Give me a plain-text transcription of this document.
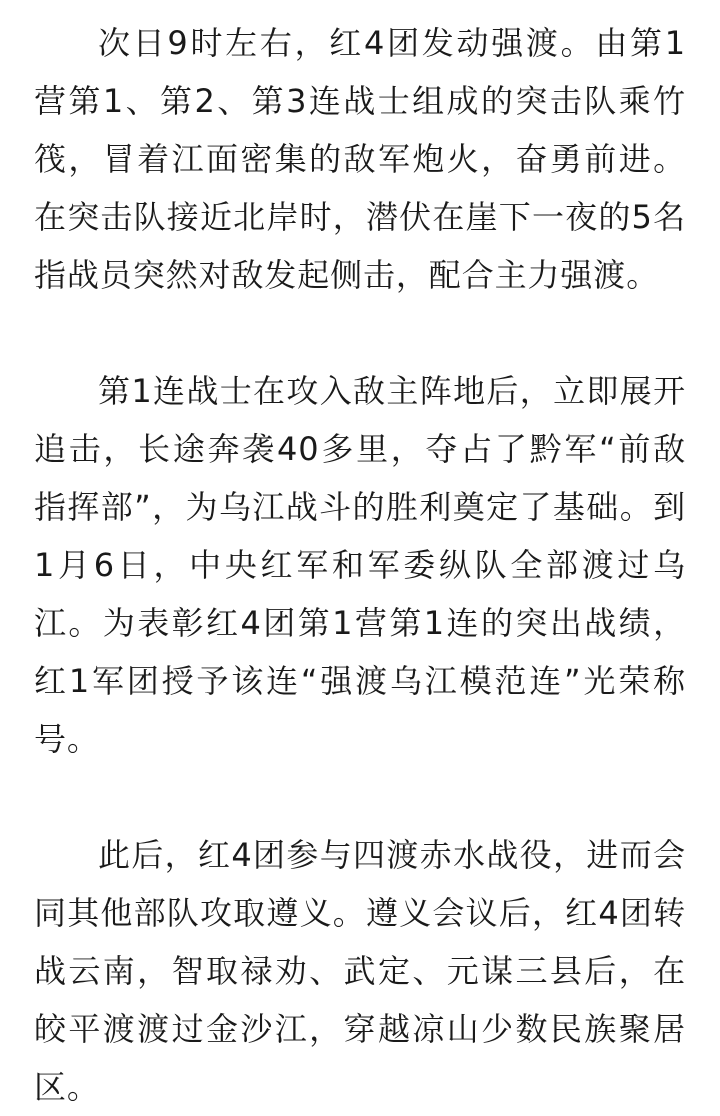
次日9时左右，红4团发动强渡。由第1营第1、第2、第3连战士组成的突击队乘竹筏，冒着江面密集的敌军炮火，奋勇前进。在突击队接近北岸时，潜伏在崖下一夜的5名指战员突然对敌发起侧击，配合主力强渡。

第1连战士在攻入敌主阵地后，立即展开追击，长途奔袭40多里，夺占了黔军“前敌指挥部”，为乌江战斗的胜利奠定了基础。到1月6日，中央红军和军委纵队全部渡过乌江。为表彰红4团第1营第1连的突出战绩，红1军团授予该连“强渡乌江模范连”光荣称号。

此后，红4团参与四渡赤水战役，进而会同其他部队攻取遵义。遵义会议后，红4团转战云南，智取禄劝、武定、元谋三县后，在皎平渡渡过金沙江，穿越凉山少数民族聚居区。
